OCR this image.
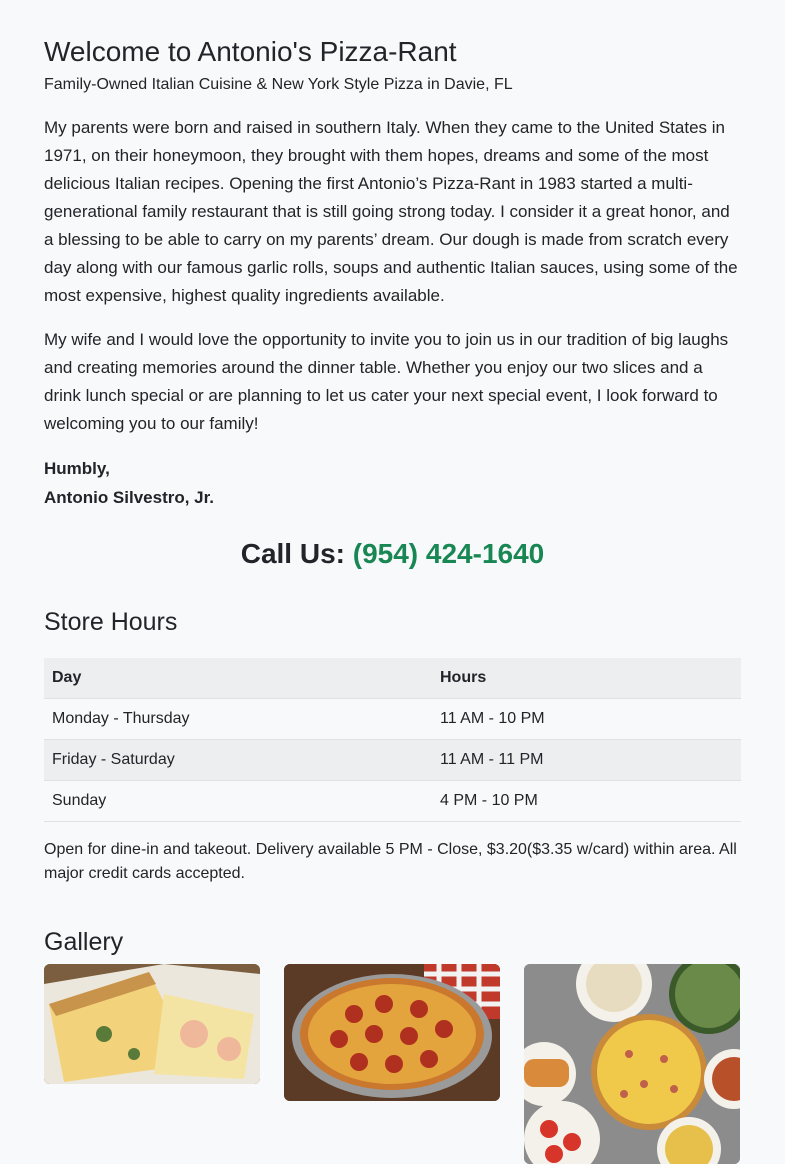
Welcome to Antonio's Pizza-Rant

Family-Owned Italian Cuisine & New York Style Pizza in Davie, FL

My parents were born and raised in southern Italy. When they came to the United States in 1971, on their honeymoon, they brought with them hopes, dreams and some of the most delicious Italian recipes. Opening the first Antonio’s Pizza-Rant in 1983 started a multi-generational family restaurant that is still going strong today. I consider it a great honor, and a blessing to be able to carry on my parents’ dream. Our dough is made from scratch every day along with our famous garlic rolls, soups and authentic Italian sauces, using some of the most expensive, highest quality ingredients available.

My wife and I would love the opportunity to invite you to join us in our tradition of big laughs and creating memories around the dinner table. Whether you enjoy our two slices and a drink lunch special or are planning to let us cater your next special event, I look forward to welcoming you to our family!

Humbly,
Antonio Silvestro, Jr.
Call Us: (954) 424-1640
Store Hours
Day	Hours
Monday - Thursday	11 AM - 10 PM
Friday - Saturday	11 AM - 11 PM
Sunday	4 PM - 10 PM

Open for dine-in and takeout. Delivery available 5 PM - Close, $3.20($3.35 w/card) within area. All major credit cards accepted.

Gallery
